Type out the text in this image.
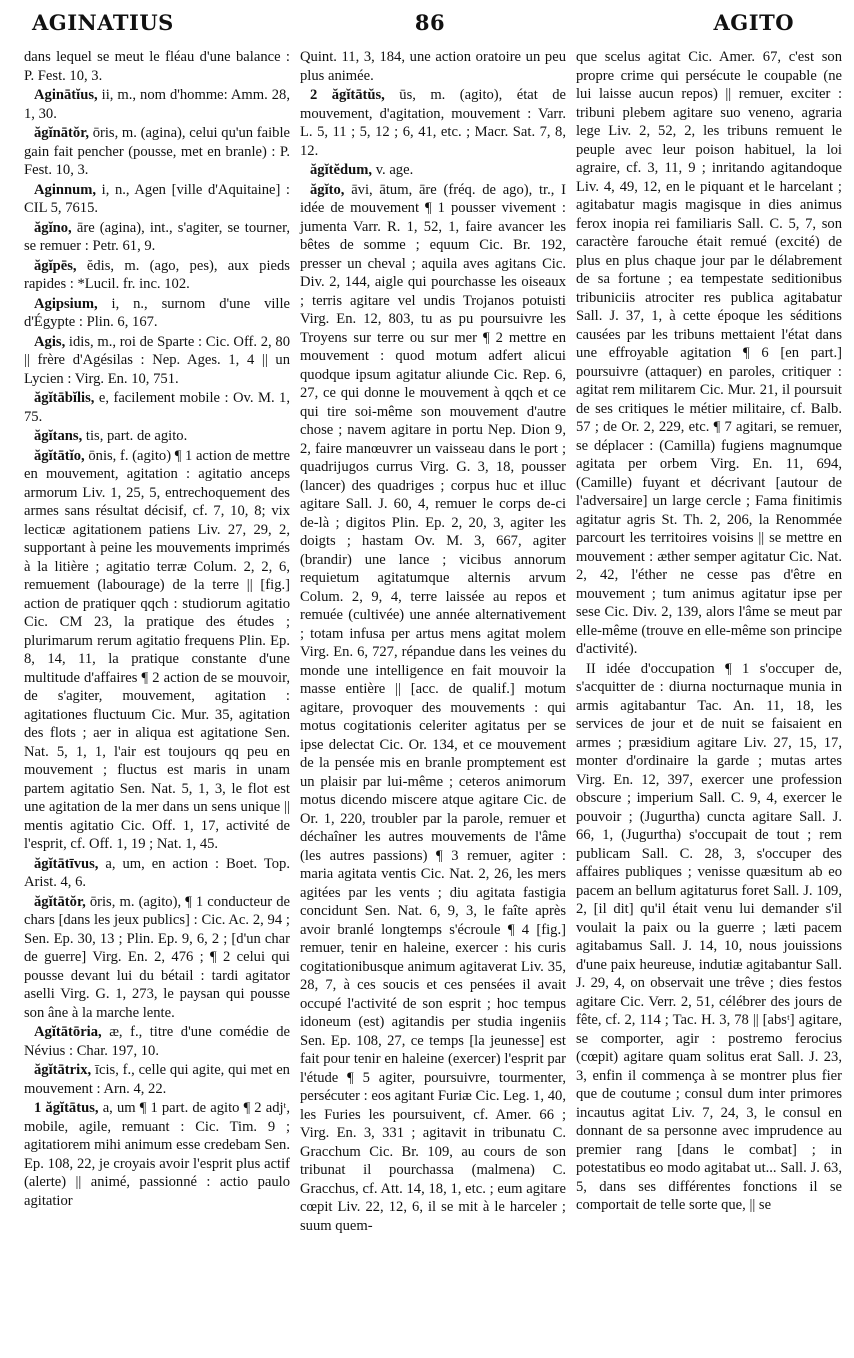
AGINATIUS	86	AGITO

dans lequel se meut le fléau d'une balance : P. Fest. 10, 3.

Aginātĭus, ii, m., nom d'homme: Amm. 28, 1, 30.

ăgĭnātŏr, ōris, m. (agina), celui qu'un faible gain fait pencher (pousse, met en branle) : P. Fest. 10, 3.

Aginnum, i, n., Agen [ville d'Aquitaine] : CIL 5, 7615.

ăgĭno, āre (agina), int., s'agiter, se tourner, se remuer : Petr. 61, 9.

ăgĭpēs, ĕdis, m. (ago, pes), aux pieds rapides : *Lucil. fr. inc. 102.

Agipsium, i, n., surnom d'une ville d'Égypte : Plin. 6, 167.

Agis, idis, m., roi de Sparte : Cic. Off. 2, 80 || frère d'Agésilas : Nep. Ages. 1, 4 || un Lycien : Virg. En. 10, 751.

ăgĭtābĭlis, e, facilement mobile : Ov. M. 1, 75.

ăgĭtans, tis, part. de agito.

ăgĭtātĭo, ōnis, f. (agito) ¶ 1 action de mettre en mouvement, agitation : agitatio anceps armorum Liv. 1, 25, 5, entrechoquement des armes sans résultat décisif, cf. 7, 10, 8; vix lecticæ agitationem patiens Liv. 27, 29, 2, supportant à peine les mouvements imprimés à la litière ; agitatio terræ Colum. 2, 2, 6, remuement (labourage) de la terre || [fig.] action de pratiquer qqch : studiorum agitatio Cic. CM 23, la pratique des études ; plurimarum rerum agitatio frequens Plin. Ep. 8, 14, 11, la pratique constante d'une multitude d'affaires ¶ 2 action de se mouvoir, de s'agiter, mouvement, agitation : agitationes fluctuum Cic. Mur. 35, agitation des flots ; aer in aliqua est agitatione Sen. Nat. 5, 1, 1, l'air est toujours qq peu en mouvement ; fluctus est maris in unam partem agitatio Sen. Nat. 5, 1, 3, le flot est une agitation de la mer dans un sens unique || mentis agitatio Cic. Off. 1, 17, activité de l'esprit, cf. Off. 1, 19 ; Nat. 1, 45.

ăgĭtātīvus, a, um, en action : Boet. Top. Arist. 4, 6.

ăgĭtātŏr, ōris, m. (agito), ¶ 1 conducteur de chars [dans les jeux publics] : Cic. Ac. 2, 94 ; Sen. Ep. 30, 13 ; Plin. Ep. 9, 6, 2 ; [d'un char de guerre] Virg. En. 2, 476 ; ¶ 2 celui qui pousse devant lui du bétail : tardi agitator aselli Virg. G. 1, 273, le paysan qui pousse son âne à la marche lente.

Agĭtātōria, æ, f., titre d'une comédie de Névius : Char. 197, 10.

ăgĭtātrix, īcis, f., celle qui agite, qui met en mouvement : Arn. 4, 22.

1 ăgĭtātus, a, um ¶ 1 part. de agito ¶ 2 adjᵗ, mobile, agile, remuant : Cic. Tim. 9 ; agitatiorem mihi animum esse credebam Sen. Ep. 108, 22, je croyais avoir l'esprit plus actif (alerte) || animé, passionné : actio paulo agitatior

Quint. 11, 3, 184, une action oratoire un peu plus animée.

2 ăgĭtātŭs, ūs, m. (agito), état de mouvement, d'agitation, mouvement : Varr. L. 5, 11 ; 5, 12 ; 6, 41, etc. ; Macr. Sat. 7, 8, 12.

ăgĭtĕdum, v. age.

ăgĭto, āvi, ātum, āre (fréq. de ago), tr., I idée de mouvement ¶ 1 pousser vivement : jumenta Varr. R. 1, 52, 1, faire avancer les bêtes de somme ; equum Cic. Br. 192, presser un cheval ; aquila aves agitans Cic. Div. 2, 144, aigle qui pourchasse les oiseaux ; terris agitare vel undis Trojanos potuisti Virg. En. 12, 803, tu as pu poursuivre les Troyens sur terre ou sur mer ¶ 2 mettre en mouvement : quod motum adfert alicui quodque ipsum agitatur aliunde Cic. Rep. 6, 27, ce qui donne le mouvement à qqch et ce qui tire soi-même son mouvement d'autre chose ; navem agitare in portu Nep. Dion 9, 2, faire manœuvrer un vaisseau dans le port ; quadrijugos currus Virg. G. 3, 18, pousser (lancer) des quadriges ; corpus huc et illuc agitare Sall. J. 60, 4, remuer le corps de-ci de-là ; digitos Plin. Ep. 2, 20, 3, agiter les doigts ; hastam Ov. M. 3, 667, agiter (brandir) une lance ; vicibus annorum requietum agitatumque alternis arvum Colum. 2, 9, 4, terre laissée au repos et remuée (cultivée) une année alternativement ; totam infusa per artus mens agitat molem Virg. En. 6, 727, répandue dans les veines du monde une intelligence en fait mouvoir la masse entière || [acc. de qualif.] motum agitare, provoquer des mouvements : qui motus cogitationis celeriter agitatus per se ipse delectat Cic. Or. 134, et ce mouvement de la pensée mis en branle promptement est un plaisir par lui-même ; ceteros animorum motus dicendo miscere atque agitare Cic. de Or. 1, 220, troubler par la parole, remuer et déchaîner les autres mouvements de l'âme (les autres passions) ¶ 3 remuer, agiter : maria agitata ventis Cic. Nat. 2, 26, les mers agitées par les vents ; diu agitata fastigia concidunt Sen. Nat. 6, 9, 3, le faîte après avoir branlé longtemps s'écroule ¶ 4 [fig.] remuer, tenir en haleine, exercer : his curis cogitationibusque animum agitaverat Liv. 35, 28, 7, à ces soucis et ces pensées il avait occupé l'activité de son esprit ; hoc tempus idoneum (est) agitandis per studia ingeniis Sen. Ep. 108, 27, ce temps [la jeunesse] est fait pour tenir en haleine (exercer) l'esprit par l'étude ¶ 5 agiter, poursuivre, tourmenter, persécuter : eos agitant Furiæ Cic. Leg. 1, 40, les Furies les poursuivent, cf. Amer. 66 ; Virg. En. 3, 331 ; agitavit in tribunatu C. Gracchum Cic. Br. 109, au cours de son tribunat il pourchassa (malmena) C. Gracchus, cf. Att. 14, 18, 1, etc. ; eum agitare cœpit Liv. 22, 12, 6, il se mit à le harceler ; suum quem-

que scelus agitat Cic. Amer. 67, c'est son propre crime qui persécute le coupable (ne lui laisse aucun repos) || remuer, exciter : tribuni plebem agitare suo veneno, agraria lege Liv. 2, 52, 2, les tribuns remuent le peuple avec leur poison habituel, la loi agraire, cf. 3, 11, 9 ; inritando agitandoque Liv. 4, 49, 12, en le piquant et le harcelant ; agitabatur magis magisque in dies animus ferox inopia rei familiaris Sall. C. 5, 7, son caractère farouche était remué (excité) de plus en plus chaque jour par le délabrement de sa fortune ; ea tempestate seditionibus tribuniciis atrociter res publica agitabatur Sall. J. 37, 1, à cette époque les séditions causées par les tribuns mettaient l'état dans une effroyable agitation ¶ 6 [en part.] poursuivre (attaquer) en paroles, critiquer : agitat rem militarem Cic. Mur. 21, il poursuit de ses critiques le métier militaire, cf. Balb. 57 ; de Or. 2, 229, etc. ¶ 7 agitari, se remuer, se déplacer : (Camilla) fugiens magnumque agitata per orbem Virg. En. 11, 694, (Camille) fuyant et décrivant [autour de l'adversaire] un large cercle ; Fama finitimis agitatur agris St. Th. 2, 206, la Renommée parcourt les territoires voisins || se mettre en mouvement : æther semper agitatur Cic. Nat. 2, 42, l'éther ne cesse pas d'être en mouvement ; tum animus agitatur ipse per sese Cic. Div. 2, 139, alors l'âme se meut par elle-même (trouve en elle-même son principe d'activité).

II idée d'occupation ¶ 1 s'occuper de, s'acquitter de : diurna nocturnaque munia in armis agitabantur Tac. An. 11, 18, les services de jour et de nuit se faisaient en armes ; præsidium agitare Liv. 27, 15, 17, monter d'ordinaire la garde ; mutas artes Virg. En. 12, 397, exercer une profession obscure ; imperium Sall. C. 9, 4, exercer le pouvoir ; (Jugurtha) cuncta agitare Sall. J. 66, 1, (Jugurtha) s'occupait de tout ; rem publicam Sall. C. 28, 3, s'occuper des affaires publiques ; venisse quæsitum ab eo pacem an bellum agitaturus foret Sall. J. 109, 2, [il dit] qu'il était venu lui demander s'il voulait la paix ou la guerre ; læti pacem agitabamus Sall. J. 14, 10, nous jouissions d'une paix heureuse, indutiæ agitabantur Sall. J. 29, 4, on observait une trêve ; dies festos agitare Cic. Verr. 2, 51, célébrer des jours de fête, cf. 2, 114 ; Tac. H. 3, 78 || [absᵗ] agitare, se comporter, agir : postremo ferocius (cœpit) agitare quam solitus erat Sall. J. 23, 3, enfin il commença à se montrer plus fier que de coutume ; consul dum inter primores incautus agitat Liv. 7, 24, 3, le consul en donnant de sa personne avec imprudence au premier rang [dans le combat] ; in potestatibus eo modo agitabat ut... Sall. J. 63, 5, dans ses différentes fonctions il se comportait de telle sorte que, || se
